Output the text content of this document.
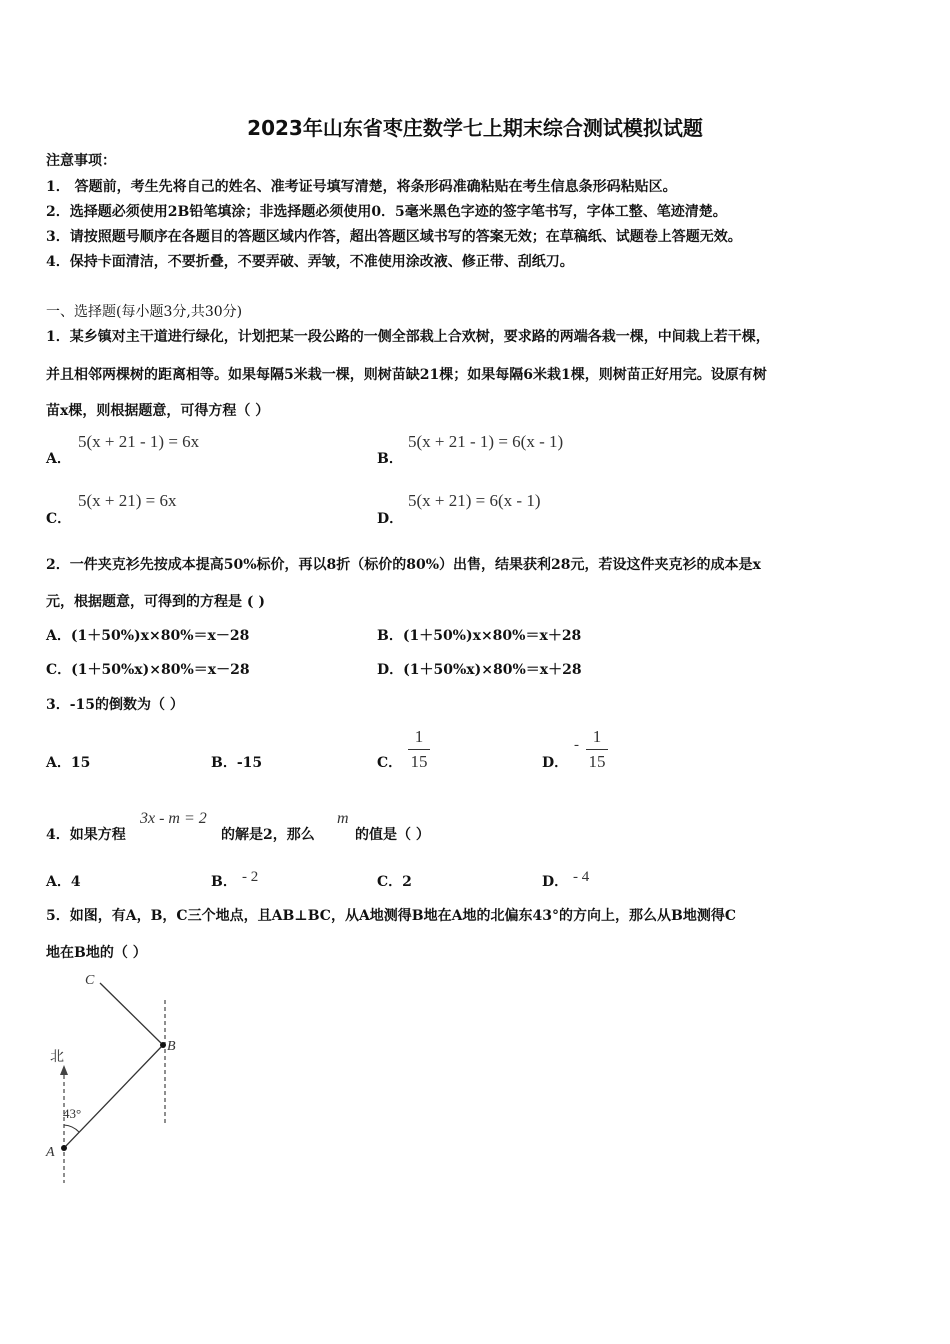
2023年山东省枣庄数学七上期末综合测试模拟试题
注意事项：
1． 答题前，考生先将自己的姓名、准考证号填写清楚，将条形码准确粘贴在考生信息条形码粘贴区。
2．选择题必须使用2B铅笔填涂；非选择题必须使用0．5毫米黑色字迹的签字笔书写，字体工整、笔迹清楚。
3．请按照题号顺序在各题目的答题区域内作答，超出答题区域书写的答案无效；在草稿纸、试题卷上答题无效。
4．保持卡面清洁，不要折叠，不要弄破、弄皱，不准使用涂改液、修正带、刮纸刀。
一、选择题(每小题3分,共30分)
1．某乡镇对主干道进行绿化，计划把某一段公路的一侧全部栽上合欢树，要求路的两端各栽一棵，中间栽上若干棵，
并且相邻两棵树的距离相等。如果每隔5米栽一棵，则树苗缺21棵；如果每隔6米栽1棵，则树苗正好用完。设原有树
苗x棵，则根据题意，可得方程（ ）
A．
5(x + 21 - 1) = 6x
B．
5(x + 21 - 1) = 6(x - 1)
C．
5(x + 21) = 6x
D．
5(x + 21) = 6(x - 1)
2．一件夹克衫先按成本提高50%标价，再以8折（标价的80%）出售，结果获利28元，若设这件夹克衫的成本是x
元，根据题意，可得到的方程是 ( )
A．(1＋50%)x×80%＝x－28	B．(1＋50%)x×80%＝x＋28
C．(1＋50%x)×80%＝x－28	D．(1＋50%x)×80%＝x＋28
3．-15的倒数为（ ）
A．15	B．-15	C．
1
15	D．
- 1
15
4．如果方程
3x - m = 2
的解是2，那么
m
的值是（ ）
A．4	B． - 2	C．2	D． - 4
5．如图，有A，B，C三个地点，且AB⊥BC，从A地测得B地在A地的北偏东43°的方向上，那么从B地测得C
地在B地的（ ）
北
43°
A
B
C
